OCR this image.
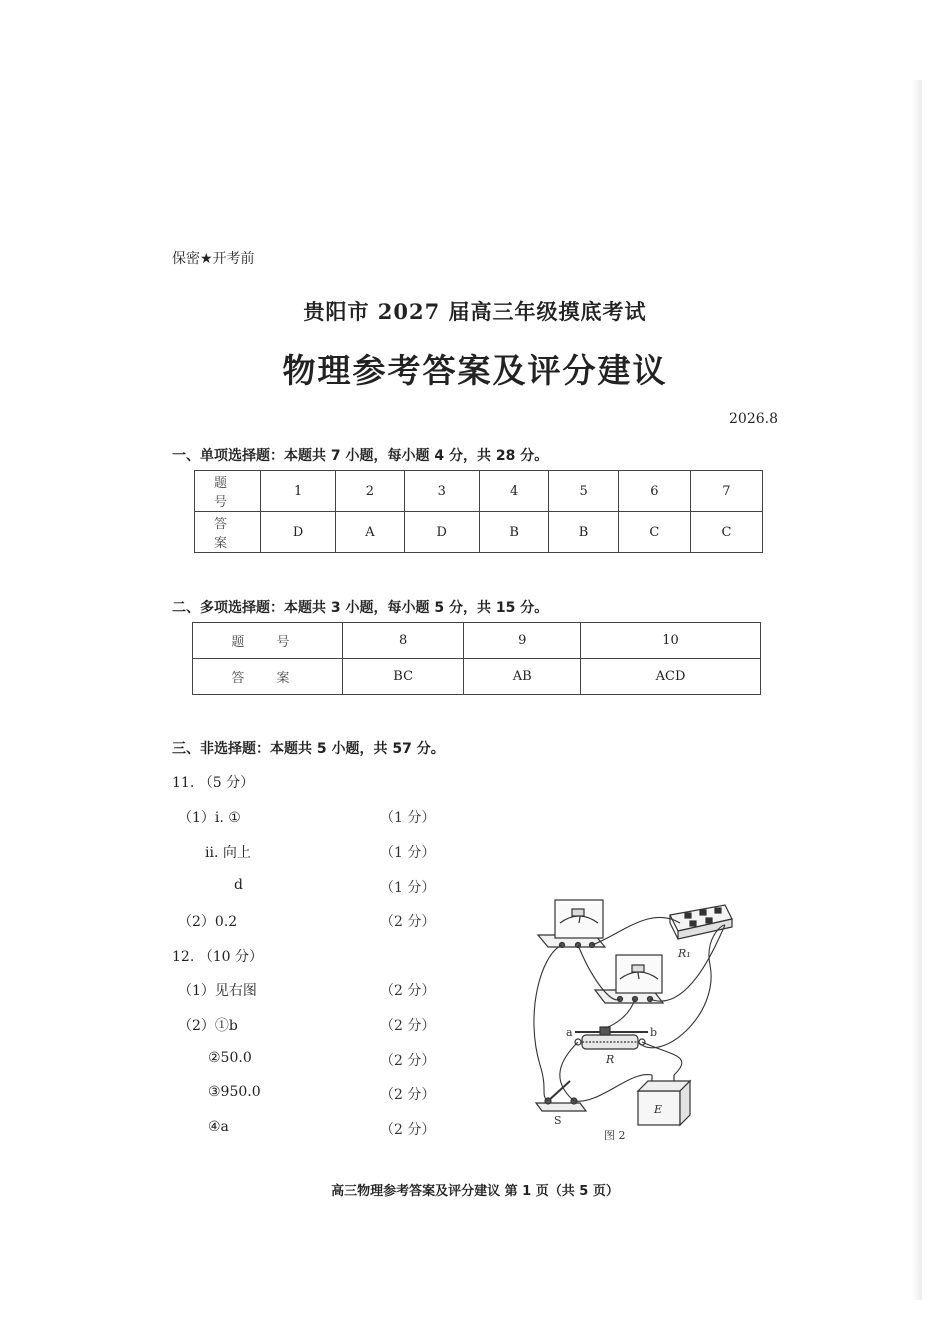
保密★开考前
贵阳市 2027 届高三年级摸底考试
物理参考答案及评分建议
2026.8
一、单项选择题：本题共 7 小题，每小题 4 分，共 28 分。
题 号	1	2	3	4	5	6	7
答 案	D	A	D	B	B	C	C
二、多项选择题：本题共 3 小题，每小题 5 分，共 15 分。
题 号	8	9	10
答 案	BC	AB	ACD
三、非选择题：本题共 5 小题，共 57 分。
11. （5 分）
（1）i. ①	（1 分）
ii. 向上	（1 分）
d	（1 分）
（2）0.2	（2 分）
12. （10 分）
（1）见右图	（2 分）
（2）①b	（2 分）
②50.0	（2 分）
③950.0	（2 分）
④a	（2 分）
R₁
a	b
R
S
E
图 2
高三物理参考答案及评分建议 第 1 页（共 5 页）
